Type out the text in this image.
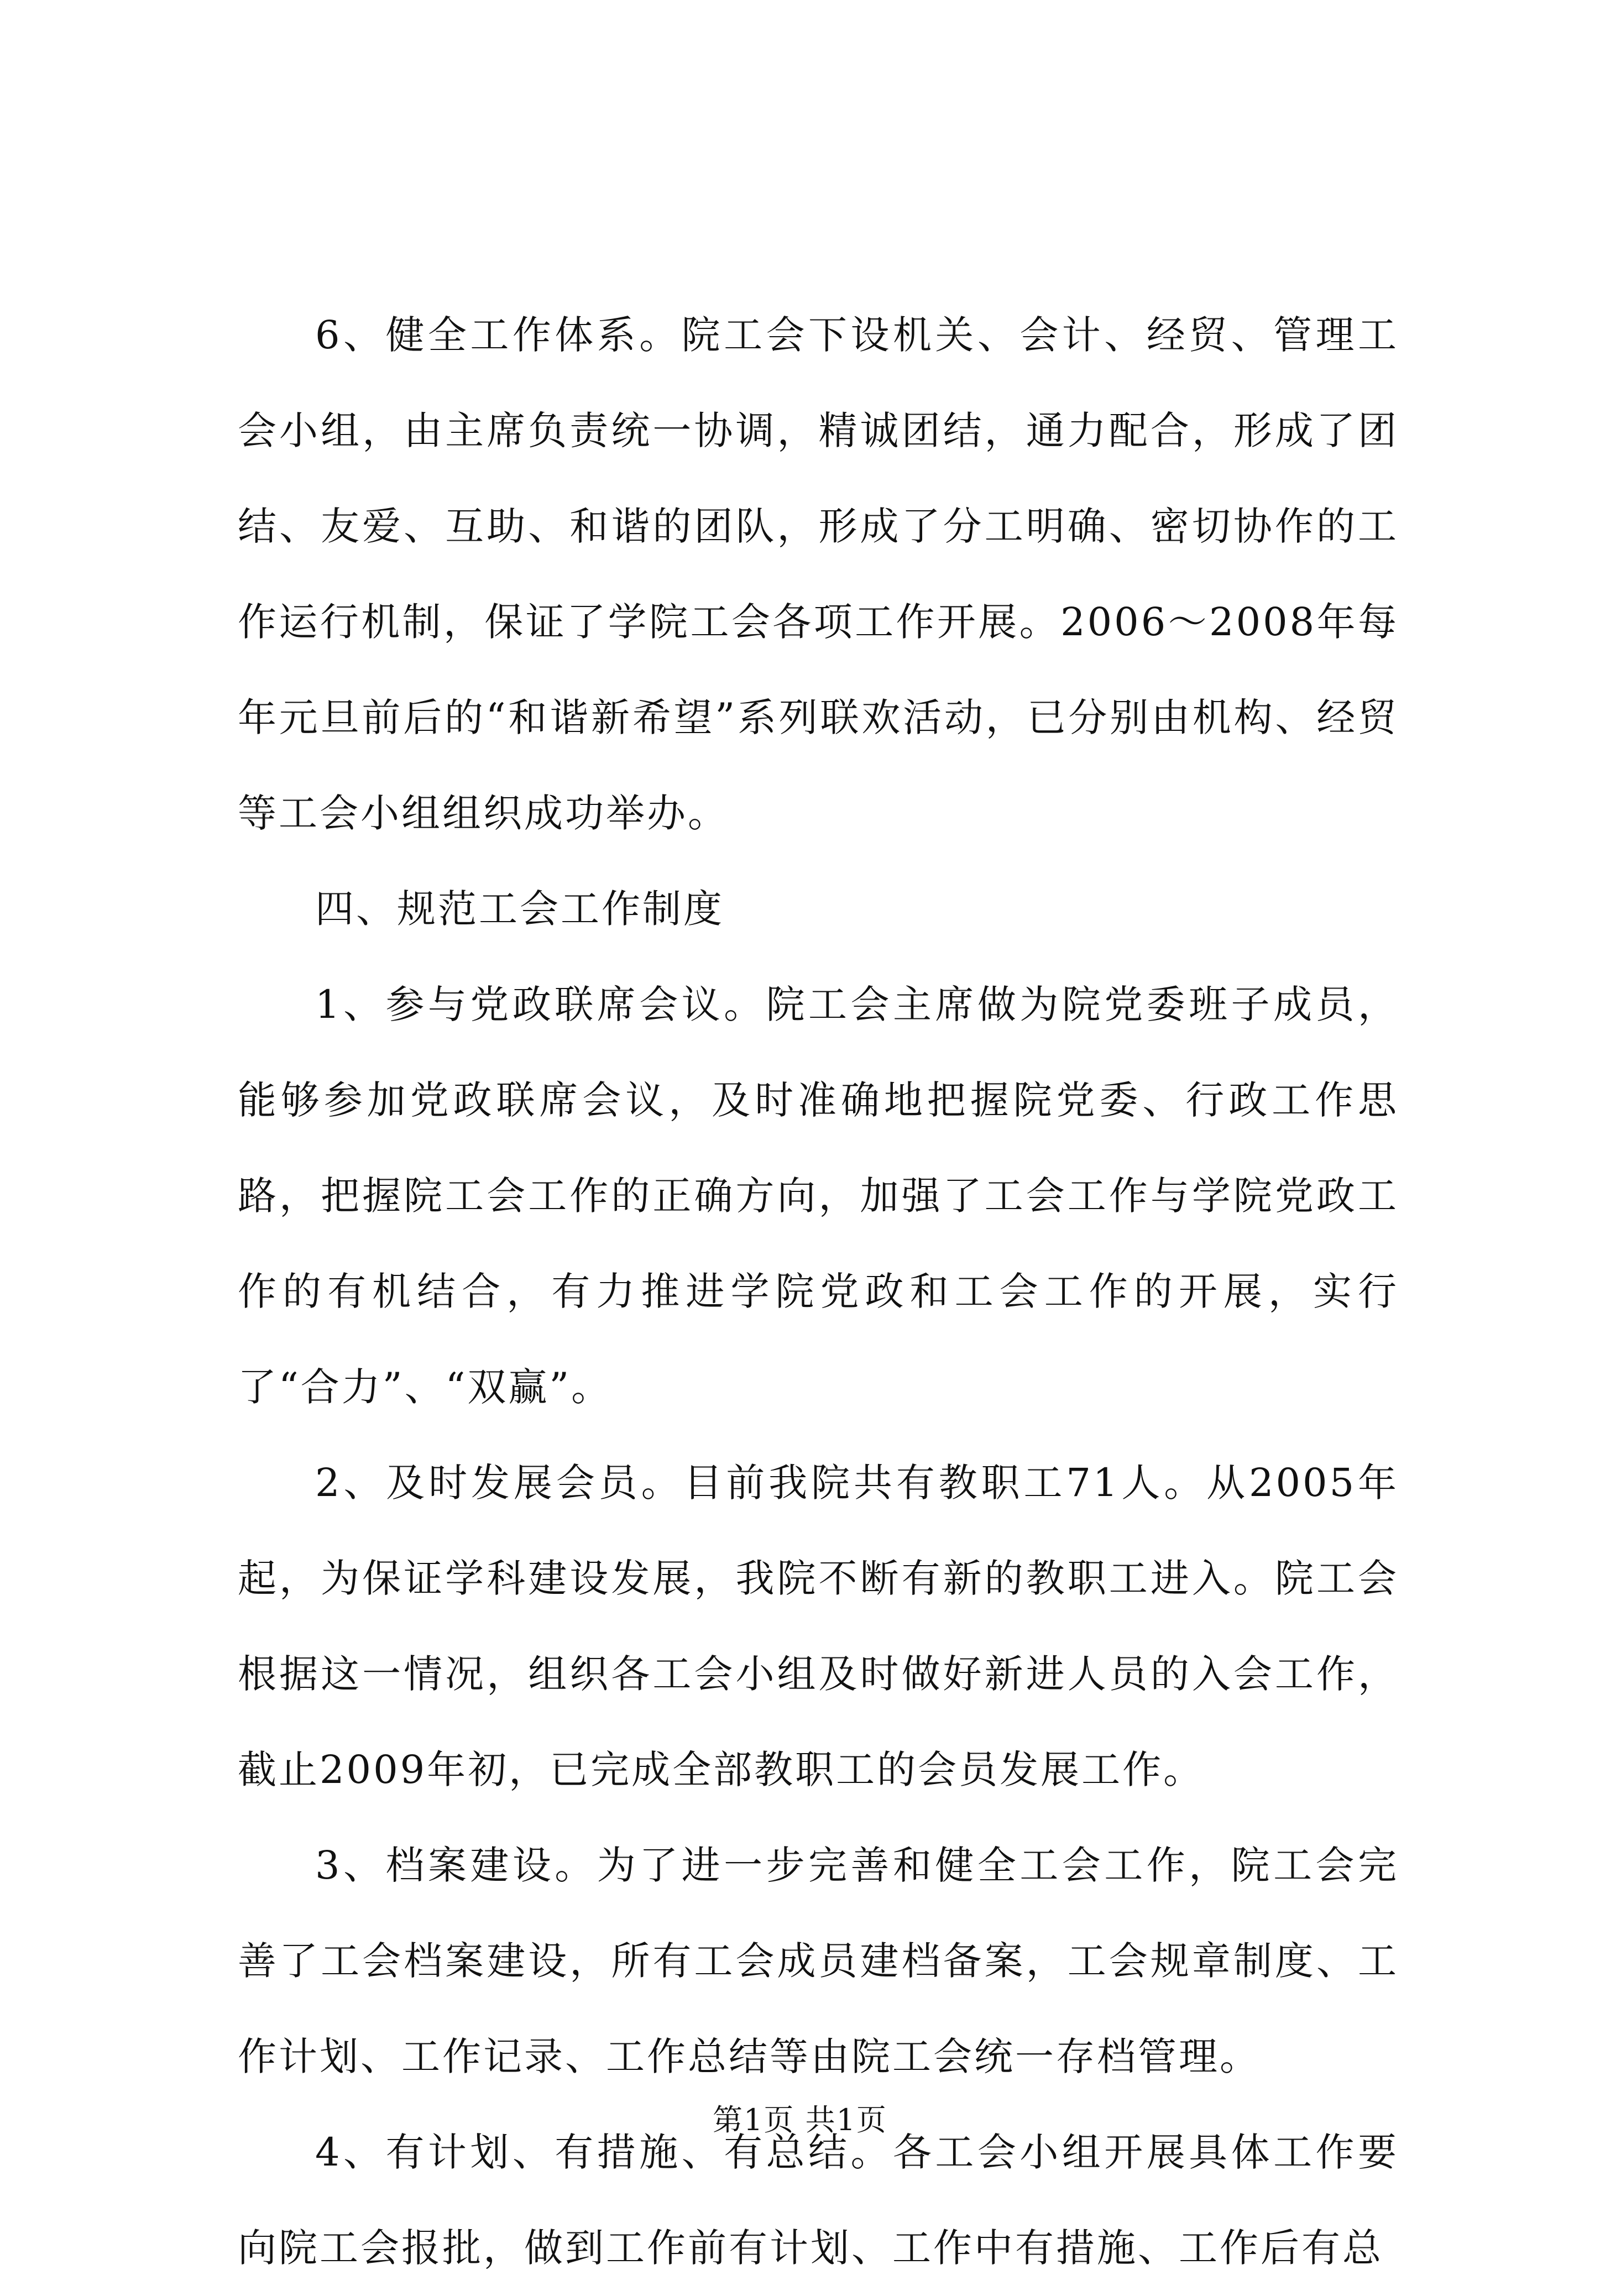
6、健全工作体系。院工会下设机关、会计、经贸、管理工会小组，由主席负责统一协调，精诚团结，通力配合，形成了团结、友爱、互助、和谐的团队，形成了分工明确、密切协作的工作运行机制，保证了学院工会各项工作开展。2006～2008年每年元旦前后的“和谐新希望”系列联欢活动，已分别由机构、经贸等工会小组组织成功举办。

四、规范工会工作制度

1、参与党政联席会议。院工会主席做为院党委班子成员，能够参加党政联席会议，及时准确地把握院党委、行政工作思路，把握院工会工作的正确方向，加强了工会工作与学院党政工作的有机结合，有力推进学院党政和工会工作的开展，实行了“合力”、“双赢”。

2、及时发展会员。目前我院共有教职工71人。从2005年起，为保证学科建设发展，我院不断有新的教职工进入。院工会根据这一情况，组织各工会小组及时做好新进人员的入会工作，截止2009年初，已完成全部教职工的会员发展工作。

3、档案建设。为了进一步完善和健全工会工作，院工会完善了工会档案建设，所有工会成员建档备案，工会规章制度、工作计划、工作记录、工作总结等由院工会统一存档管理。

4、有计划、有措施、有总结。各工会小组开展具体工作要向院工会报批，做到工作前有计划、工作中有措施、工作后有总

第1页 共1页
